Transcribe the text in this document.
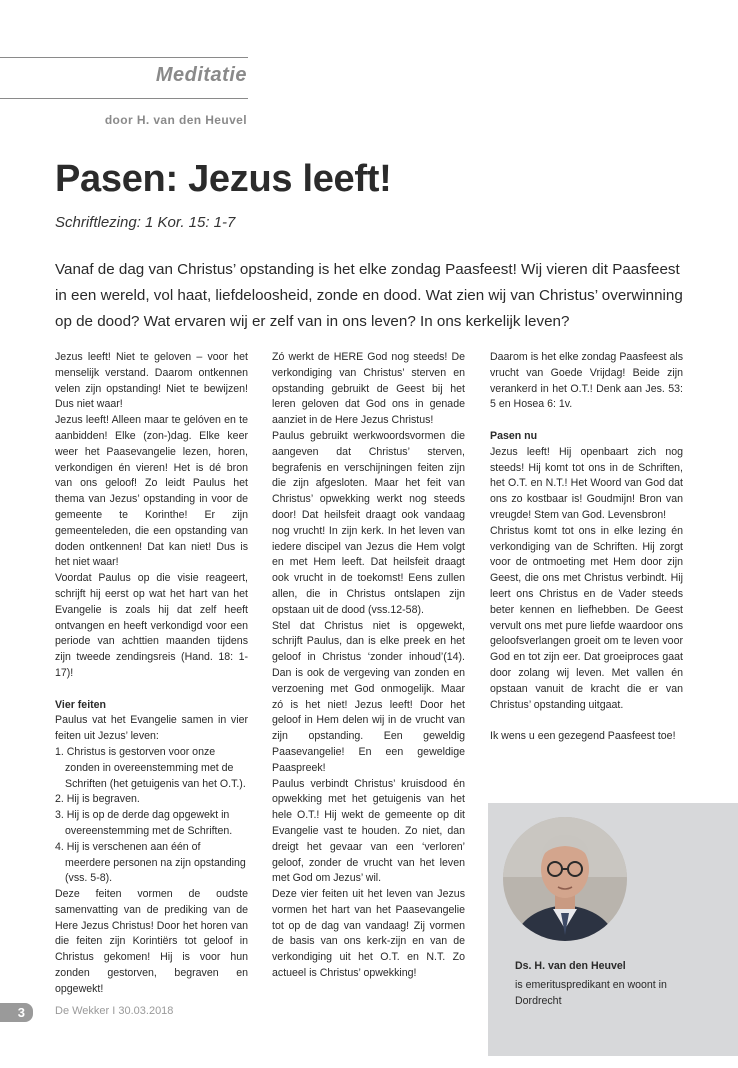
Meditatie
door H. van den Heuvel
Pasen: Jezus leeft!
Schriftlezing: 1 Kor. 15: 1-7

Vanaf de dag van Christus’ opstanding is het elke zondag Paasfeest! Wij vieren dit Paasfeest in een wereld, vol haat, liefdeloosheid, zonde en dood. Wat zien wij van Christus’ overwinning op de dood? Wat ervaren wij er zelf van in ons leven? In ons kerkelijk leven?

Jezus leeft! Niet te geloven – voor het menselijk verstand. Daarom ontkennen velen zijn opstanding! Niet te bewijzen! Dus niet waar!

Jezus leeft! Alleen maar te gelóven en te aanbidden! Elke (zon-)dag. Elke keer weer het Paasevangelie lezen, horen, verkondigen én vieren! Het is dé bron van ons geloof! Zo leidt Paulus het thema van Jezus’ opstanding in voor de gemeente te Korinthe! Er zijn gemeenteleden, die een opstanding van doden ontkennen! Dat kan niet! Dus is het niet waar!

Voordat Paulus op die visie reageert, schrijft hij eerst op wat het hart van het Evangelie is zoals hij dat zelf heeft ontvangen en heeft verkondigd voor een periode van achttien maanden tijdens zijn tweede zendingsreis (Hand. 18: 1-17)!

Vier feiten

Paulus vat het Evangelie samen in vier feiten uit Jezus’ leven:

1. Christus is gestorven voor onze zonden in overeenstemming met de Schriften (het getuigenis van het O.T.).
2. Hij is begraven.
3. Hij is op de derde dag opgewekt in overeenstemming met de Schriften.
4. Hij is verschenen aan één of meerdere personen na zijn opstanding (vss. 5-8).

Deze feiten vormen de oudste samenvatting van de prediking van de Here Jezus Christus! Door het horen van die feiten zijn Korintiërs tot geloof in Christus gekomen! Hij is voor hun zonden gestorven, begraven en opgewekt!

Zó werkt de HERE God nog steeds! De verkondiging van Christus’ sterven en opstanding gebruikt de Geest bij het leren geloven dat God ons in genade aanziet in de Here Jezus Christus!

Paulus gebruikt werkwoordsvormen die aangeven dat Christus’ sterven, begrafenis en verschijningen feiten zijn die zijn afgesloten. Maar het feit van Christus’ opwekking werkt nog steeds door! Dat heilsfeit draagt ook vandaag nog vrucht! In zijn kerk. In het leven van iedere discipel van Jezus die Hem volgt en met Hem leeft. Dat heilsfeit draagt ook vrucht in de toekomst! Eens zullen allen, die in Christus ontslapen zijn opstaan uit de dood (vss.12-58).

Stel dat Christus niet is opgewekt, schrijft Paulus, dan is elke preek en het geloof in Christus ‘zonder inhoud’(14). Dan is ook de vergeving van zonden en verzoening met God onmogelijk. Maar zó is het niet! Jezus leeft! Door het geloof in Hem delen wij in de vrucht van zijn opstanding. Een geweldig Paasevangelie! En een geweldige Paaspreek!

Paulus verbindt Christus’ kruisdood én opwekking met het getuigenis van het hele O.T.! Hij wekt de gemeente op dit Evangelie vast te houden. Zo niet, dan dreigt het gevaar van een ‘verloren’ geloof, zonder de vrucht van het leven met God om Jezus’ wil.

Deze vier feiten uit het leven van Jezus vormen het hart van het Paasevangelie tot op de dag van vandaag! Zij vormen de basis van ons kerk-zijn en van de verkondiging uit het O.T. en N.T. Zo actueel is Christus’ opwekking!

Daarom is het elke zondag Paasfeest als vrucht van Goede Vrijdag! Beide zijn verankerd in het O.T.! Denk aan Jes. 53: 5 en Hosea 6: 1v.

Pasen nu

Jezus leeft! Hij openbaart zich nog steeds! Hij komt tot ons in de Schriften, het O.T. en N.T.! Het Woord van God dat ons zo kostbaar is! Goudmijn! Bron van vreugde! Stem van God. Levensbron!

Christus komt tot ons in elke lezing én verkondiging van de Schriften. Hij zorgt voor de ontmoeting met Hem door zijn Geest, die ons met Christus verbindt. Hij leert ons Christus en de Vader steeds beter kennen en liefhebben. De Geest vervult ons met pure liefde waardoor ons geloofsverlangen groeit om te leven voor God en tot zijn eer. Dat groeiproces gaat door zolang wij leven. Met vallen én opstaan vanuit de kracht die er van Christus’ opstanding uitgaat.

Ik wens u een gezegend Paasfeest toe!

Ds. H. van den Heuvel
is emerituspredikant en woont in Dordrecht
3	De Wekker I 30.03.2018
